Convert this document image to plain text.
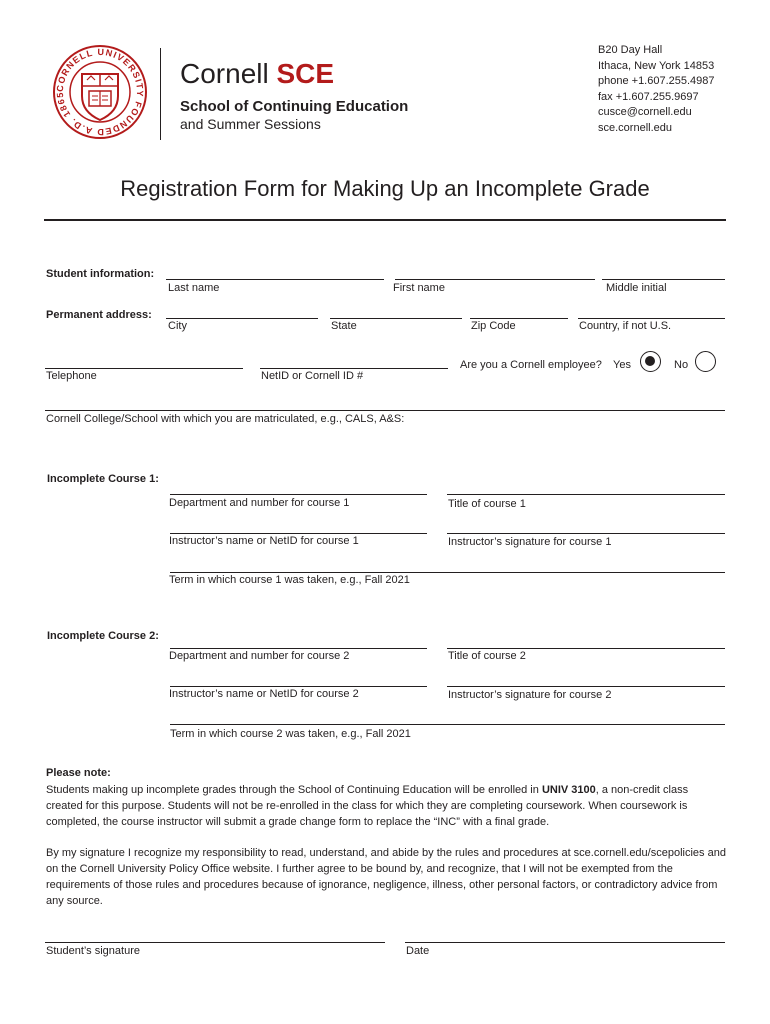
CORNELL UNIVERSITY FOUNDED A.D. 1865
Cornell SCE
School of Continuing Education
and Summer Sessions
B20 Day Hall
Ithaca, New York 14853
phone +1.607.255.4987
fax +1.607.255.9697
cusce@cornell.edu
sce.cornell.edu
Registration Form for Making Up an Incomplete Grade
Student information:
Last name	First name	Middle initial
Permanent address:
City	State	Zip Code	Country, if not U.S.
Telephone	NetID or Cornell ID #
Are you a Cornell employee? Yes	No
Cornell College/School with which you are matriculated, e.g., CALS, A&S:
Incomplete Course 1:
Department and number for course 1	Title of course 1
Instructor’s name or NetID for course 1	Instructor’s signature for course 1
Term in which course 1 was taken, e.g., Fall 2021
Incomplete Course 2:
Department and number for course 2	Title of course 2
Instructor’s name or NetID for course 2	Instructor’s signature for course 2
Term in which course 2 was taken, e.g., Fall 2021
Please note:
Students making up incomplete grades through the School of Continuing Education will be enrolled in UNIV 3100, a non-credit class created for this purpose. Students will not be re-enrolled in the class for which they are completing coursework. When coursework is completed, the course instructor will submit a grade change form to replace the “INC” with a final grade.
By my signature I recognize my responsibility to read, understand, and abide by the rules and procedures at sce.cornell.edu/scepolicies and on the Cornell University Policy Office website. I further agree to be bound by, and recognize, that I will not be exempted from the requirements of those rules and procedures because of ignorance, negligence, illness, other personal factors, or contradictory advice from any source.
Student’s signature	Date
